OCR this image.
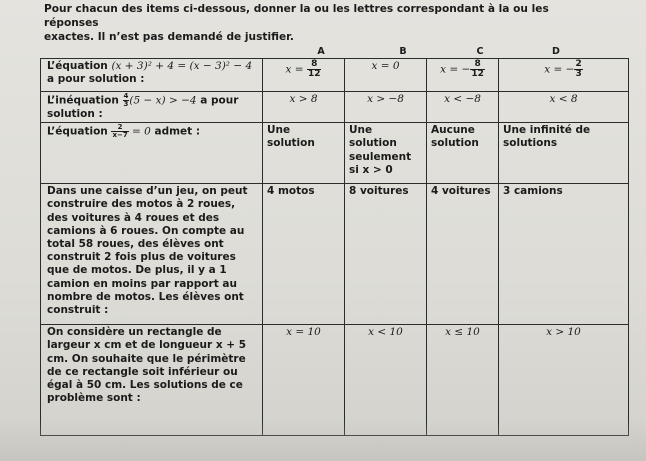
Pour chacun des items ci-dessous, donner la ou les lettres correspondant à la ou les réponses
exactes. Il n’est pas demandé de justifier.
A	B	C	D
L’équation (x + 3)² + 4 = (x − 3)² − 4
a pour solution :	$x = \frac{8}{12}$	x = 0	x = − $\frac{8}{12}$	x = − $\frac{2}{3}$

L’inéquation $\frac{4}{3} (5 - x) > -4$ a pour
solution :	x > 8	x > −8	x < −8	x < 8
L’équation $\frac{2}{x-7} = 0$ admet :	Une solution	Une solution seulement si x > 0	Aucune solution	Une infinité de solutions
Dans une caisse d’un jeu, on peut construire des motos à 2 roues, des voitures à 4 roues et des camions à 6 roues. On compte au total 58 roues, des élèves ont construit 2 fois plus de voitures que de motos. De plus, il y a 1 camion en moins par rapport au nombre de motos. Les élèves ont construit :	4 motos	8 voitures	4 voitures	3 camions
On considère un rectangle de largeur x cm et de longueur x + 5 cm. On souhaite que le périmètre de ce rectangle soit inférieur ou égal à 50 cm. Les solutions de ce problème sont :	x = 10	x < 10	x ≤ 10	x > 10
